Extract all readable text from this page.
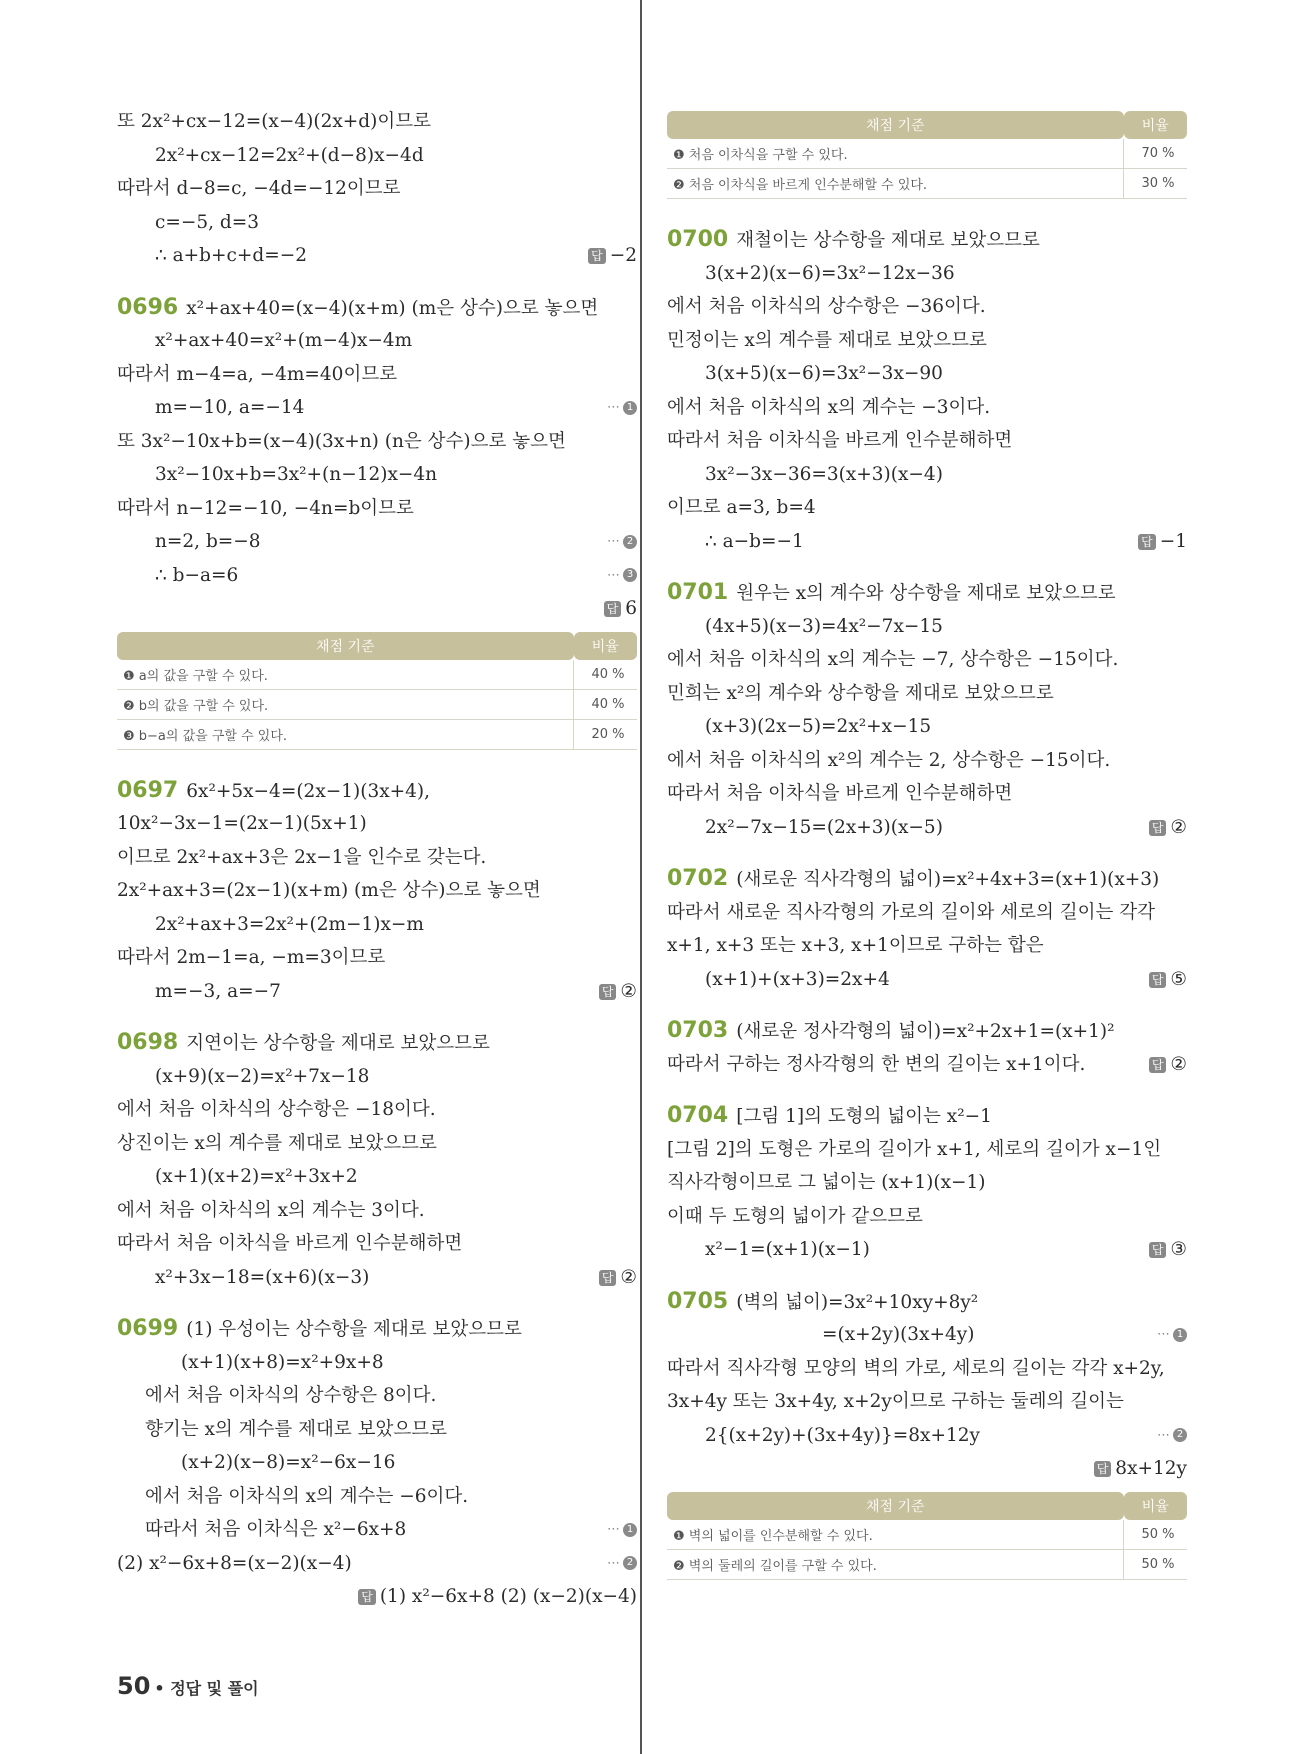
또 2x²+cx−12=(x−4)(2x+d)이므로
2x²+cx−12=2x²+(d−8)x−4d
따라서 d−8=c, −4d=−12이므로
c=−5, d=3
∴ a+b+c+d=−2	답 −2
0696 x²+ax+40=(x−4)(x+m) (m은 상수)으로 놓으면
x²+ax+40=x²+(m−4)x−4m
따라서 m−4=a, −4m=40이므로
m=−10, a=−14	⋯ 1
또 3x²−10x+b=(x−4)(3x+n) (n은 상수)으로 놓으면
3x²−10x+b=3x²+(n−12)x−4n
따라서 n−12=−10, −4n=b이므로
n=2, b=−8	⋯ 2
∴ b−a=6	⋯ 3
답 6
채점 기준	비율
❶ a의 값을 구할 수 있다.	40 %
❷ b의 값을 구할 수 있다.	40 %
❸ b−a의 값을 구할 수 있다.	20 %
0697 6x²+5x−4=(2x−1)(3x+4),
10x²−3x−1=(2x−1)(5x+1)
이므로 2x²+ax+3은 2x−1을 인수로 갖는다.
2x²+ax+3=(2x−1)(x+m) (m은 상수)으로 놓으면
2x²+ax+3=2x²+(2m−1)x−m
따라서 2m−1=a, −m=3이므로
m=−3, a=−7	답 ②
0698 지연이는 상수항을 제대로 보았으므로
(x+9)(x−2)=x²+7x−18
에서 처음 이차식의 상수항은 −18이다.
상진이는 x의 계수를 제대로 보았으므로
(x+1)(x+2)=x²+3x+2
에서 처음 이차식의 x의 계수는 3이다.
따라서 처음 이차식을 바르게 인수분해하면
x²+3x−18=(x+6)(x−3)	답 ②
0699 (1) 우성이는 상수항을 제대로 보았으므로
(x+1)(x+8)=x²+9x+8
에서 처음 이차식의 상수항은 8이다.
향기는 x의 계수를 제대로 보았으므로
(x+2)(x−8)=x²−6x−16
에서 처음 이차식의 x의 계수는 −6이다.
따라서 처음 이차식은 x²−6x+8	⋯ 1
(2) x²−6x+8=(x−2)(x−4)	⋯ 2
답 (1) x²−6x+8 (2) (x−2)(x−4)
채점 기준	비율
❶ 처음 이차식을 구할 수 있다.	70 %
❷ 처음 이차식을 바르게 인수분해할 수 있다.	30 %
0700 재철이는 상수항을 제대로 보았으므로
3(x+2)(x−6)=3x²−12x−36
에서 처음 이차식의 상수항은 −36이다.
민정이는 x의 계수를 제대로 보았으므로
3(x+5)(x−6)=3x²−3x−90
에서 처음 이차식의 x의 계수는 −3이다.
따라서 처음 이차식을 바르게 인수분해하면
3x²−3x−36=3(x+3)(x−4)
이므로 a=3, b=4
∴ a−b=−1	답 −1
0701 원우는 x의 계수와 상수항을 제대로 보았으므로
(4x+5)(x−3)=4x²−7x−15
에서 처음 이차식의 x의 계수는 −7, 상수항은 −15이다.
민희는 x²의 계수와 상수항을 제대로 보았으므로
(x+3)(2x−5)=2x²+x−15
에서 처음 이차식의 x²의 계수는 2, 상수항은 −15이다.
따라서 처음 이차식을 바르게 인수분해하면
2x²−7x−15=(2x+3)(x−5)	답 ②
0702 (새로운 직사각형의 넓이)=x²+4x+3=(x+1)(x+3)
따라서 새로운 직사각형의 가로의 길이와 세로의 길이는 각각
x+1, x+3 또는 x+3, x+1이므로 구하는 합은
(x+1)+(x+3)=2x+4	답 ⑤
0703 (새로운 정사각형의 넓이)=x²+2x+1=(x+1)²
따라서 구하는 정사각형의 한 변의 길이는 x+1이다.	답 ②
0704 [그림 1]의 도형의 넓이는 x²−1
[그림 2]의 도형은 가로의 길이가 x+1, 세로의 길이가 x−1인
직사각형이므로 그 넓이는 (x+1)(x−1)
이때 두 도형의 넓이가 같으므로
x²−1=(x+1)(x−1)	답 ③
0705 (벽의 넓이)=3x²+10xy+8y²
=(x+2y)(3x+4y)	⋯ 1
따라서 직사각형 모양의 벽의 가로, 세로의 길이는 각각 x+2y,
3x+4y 또는 3x+4y, x+2y이므로 구하는 둘레의 길이는
2{(x+2y)+(3x+4y)}=8x+12y	⋯ 2
답 8x+12y
채점 기준	비율
❶ 벽의 넓이를 인수분해할 수 있다.	50 %
❷ 벽의 둘레의 길이를 구할 수 있다.	50 %
50 • 정답 및 풀이
